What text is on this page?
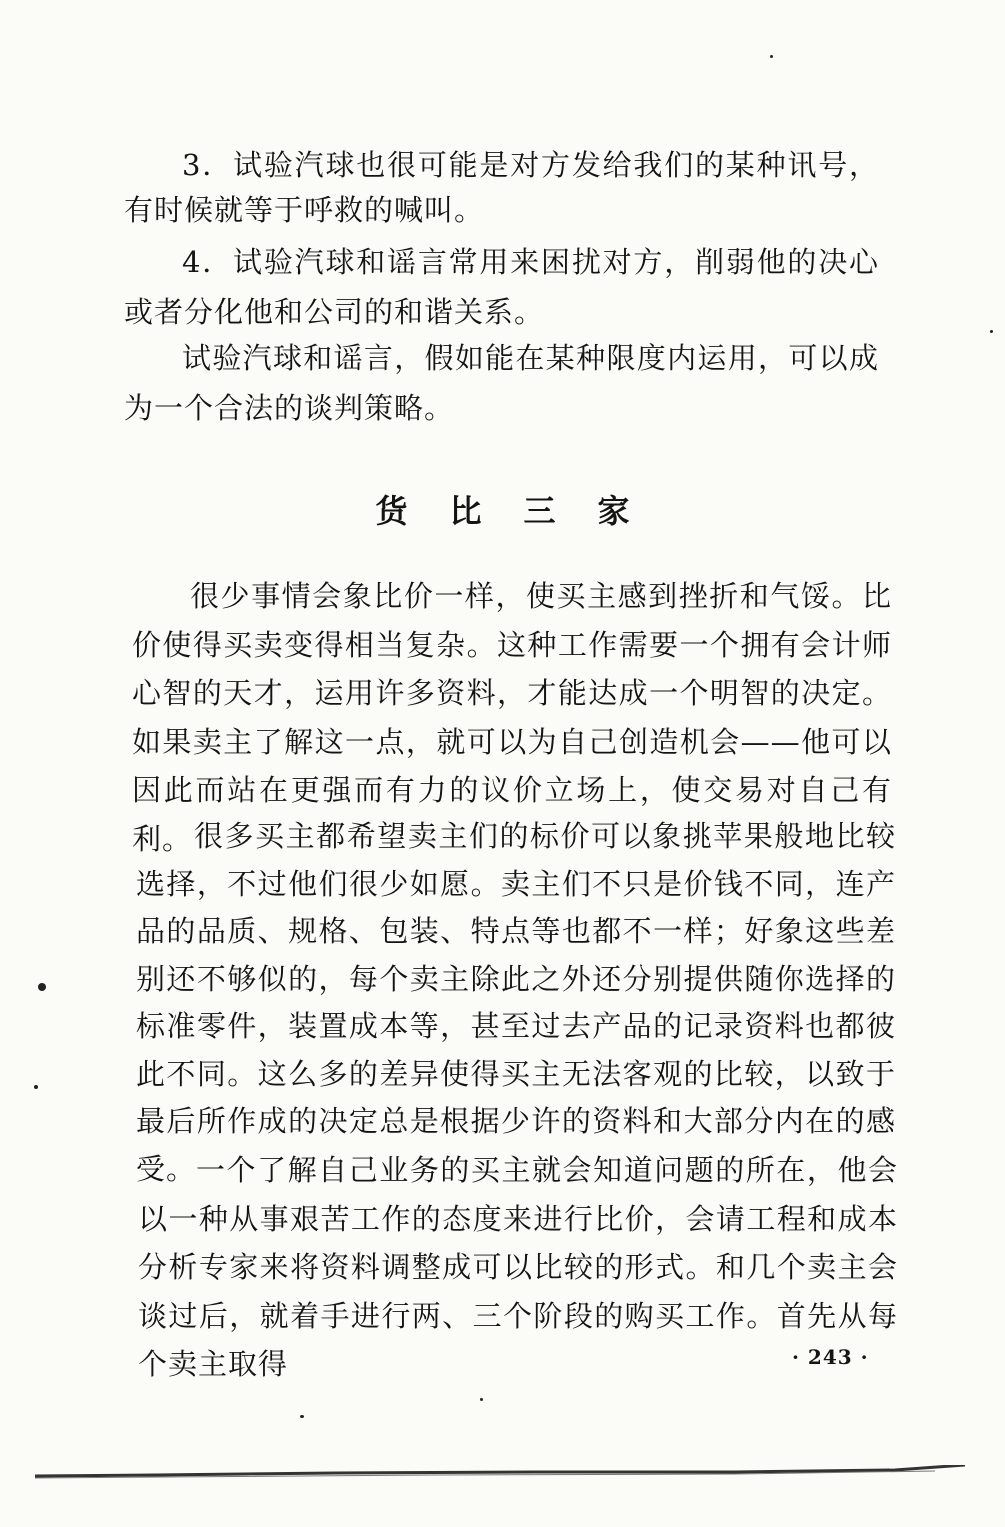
3．试验汽球也很可能是对方发给我们的某种讯号，有时候就等于呼救的喊叫。

4．试验汽球和谣言常用来困扰对方，削弱他的决心或者分化他和公司的和谐关系。

试验汽球和谣言，假如能在某种限度内运用，可以成为一个合法的谈判策略。

货比三家

很少事情会象比价一样，使买主感到挫折和气馁。比价使得买卖变得相当复杂。这种工作需要一个拥有会计师心智的天才，运用许多资料，才能达成一个明智的决定。如果卖主了解这一点，就可以为自己创造机会——他可以因此而站在更强而有力的议价立场上，使交易对自己有利。 很多买主都希望卖主们的标价可以象挑苹果般地比较选择，不过他们很少如愿。卖主们不只是价钱不同，连产品的品质、规格、包装、特点等也都不一样；好象这些差别还不够似的，每个卖主除此之外还分别提供随你选择的标准零件，装置成本等，甚至过去产品的记录资料也都彼此不同。这么多的差异使得买主无法客观的比较，以致于最后所作成的决定总是根据少许的资料和大部分内在的感受。 一个了解自己业务的买主就会知道问题的所在，他会以一种从事艰苦工作的态度来进行比价，会请工程和成本分析专家来将资料调整成可以比较的形式。和几个卖主会谈过后，就着手进行两、三个阶段的购买工作。首先从每个卖主取得	· 243 ·
